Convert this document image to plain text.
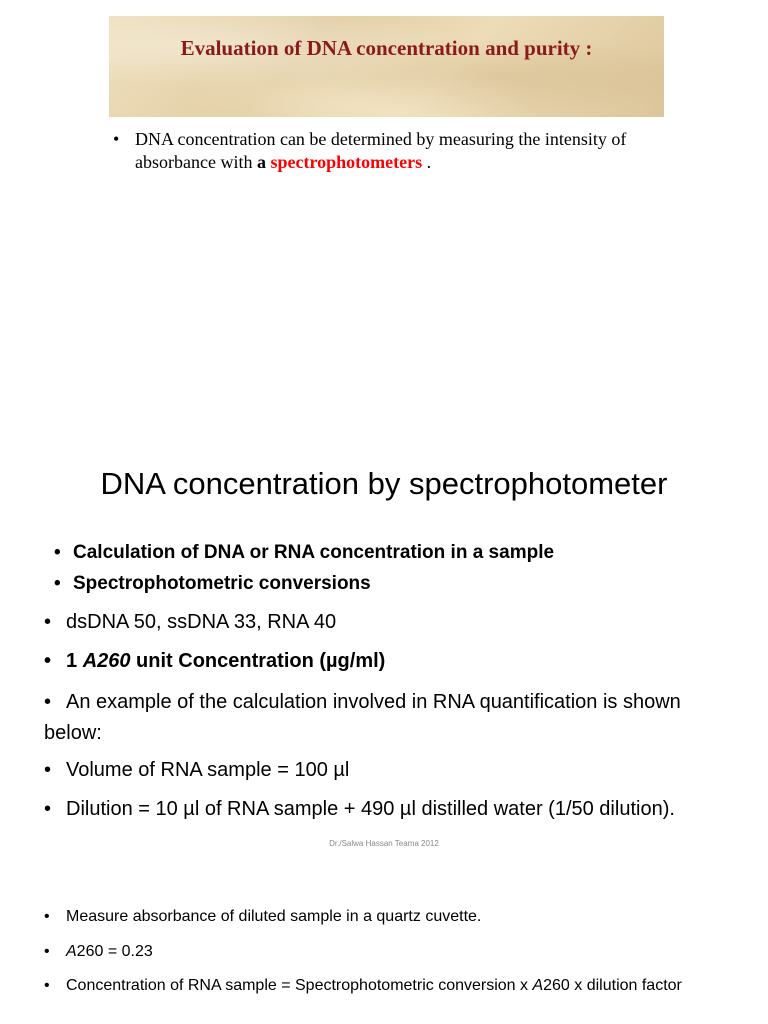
Evaluation of DNA concentration and purity :
• DNA concentration can be determined by measuring the intensity of absorbance with a spectrophotometers .
DNA concentration by spectrophotometer
• Calculation of DNA or RNA concentration in a sample
• Spectrophotometric conversions
• dsDNA 50, ssDNA 33, RNA 40
• 1 A260 unit Concentration (µg/ml)
• An example of the calculation involved in RNA quantification is shown below:
• Volume of RNA sample = 100 µl
• Dilution = 10 µl of RNA sample + 490 µl distilled water (1/50 dilution).
Dr./Salwa Hassan Teama 2012
• Measure absorbance of diluted sample in a quartz cuvette.
• A260 = 0.23
• Concentration of RNA sample = Spectrophotometric conversion x A260 x dilution factor
